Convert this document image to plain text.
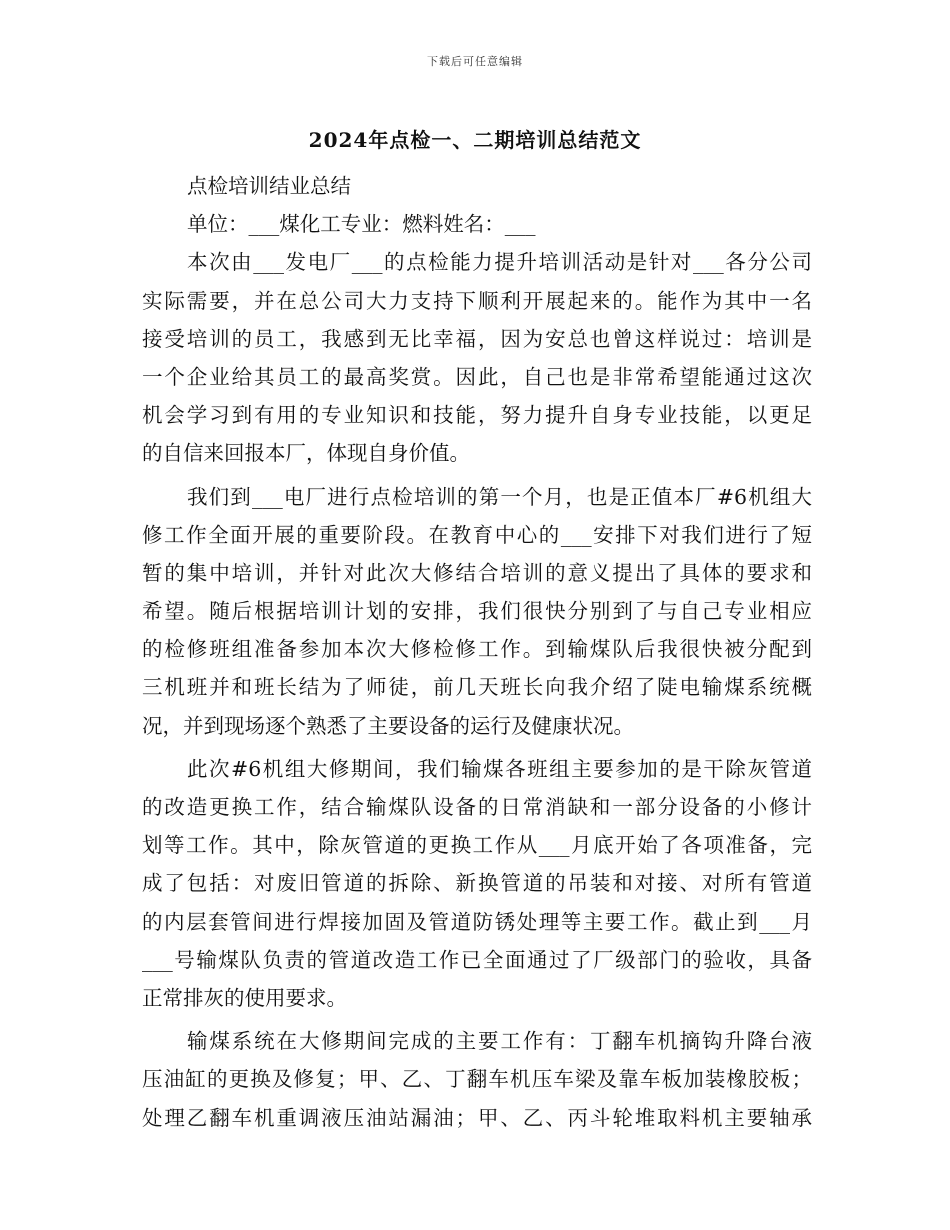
下载后可任意编辑
2024年点检一、二期培训总结范文
点检培训结业总结
单位：___煤化工专业：燃料姓名：___
本次由___发电厂___的点检能力提升培训活动是针对___各分公司
实际需要，并在总公司大力支持下顺利开展起来的。能作为其中一名
接受培训的员工，我感到无比幸福，因为安总也曾这样说过：培训是
一个企业给其员工的最高奖赏。因此，自己也是非常希望能通过这次
机会学习到有用的专业知识和技能，努力提升自身专业技能，以更足
的自信来回报本厂，体现自身价值。
我们到___电厂进行点检培训的第一个月，也是正值本厂#6机组大
修工作全面开展的重要阶段。在教育中心的___安排下对我们进行了短
暂的集中培训，并针对此次大修结合培训的意义提出了具体的要求和
希望。随后根据培训计划的安排，我们很快分别到了与自己专业相应
的检修班组准备参加本次大修检修工作。到输煤队后我很快被分配到
三机班并和班长结为了师徒，前几天班长向我介绍了陡电输煤系统概
况，并到现场逐个熟悉了主要设备的运行及健康状况。
此次#6机组大修期间，我们输煤各班组主要参加的是干除灰管道
的改造更换工作，结合输煤队设备的日常消缺和一部分设备的小修计
划等工作。其中，除灰管道的更换工作从___月底开始了各项准备，完
成了包括：对废旧管道的拆除、新换管道的吊装和对接、对所有管道
的内层套管间进行焊接加固及管道防锈处理等主要工作。截止到___月
___号输煤队负责的管道改造工作已全面通过了厂级部门的验收，具备
正常排灰的使用要求。
输煤系统在大修期间完成的主要工作有：丁翻车机摘钩升降台液
压油缸的更换及修复；甲、乙、丁翻车机压车梁及靠车板加装橡胶板；
处理乙翻车机重调液压油站漏油；甲、乙、丙斗轮堆取料机主要轴承
